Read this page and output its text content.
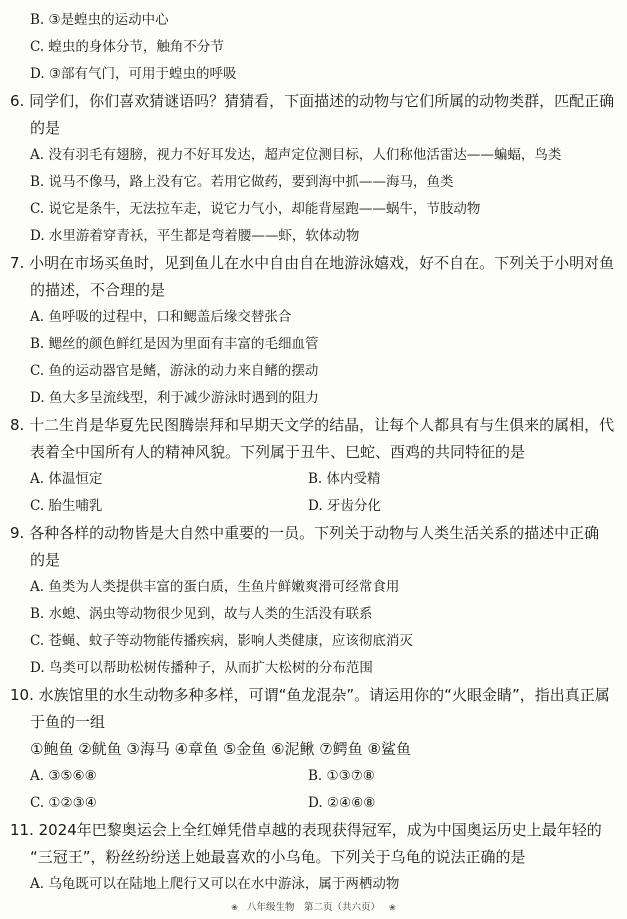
B. ③是蝗虫的运动中心
C. 蝗虫的身体分节，触角不分节
D. ③部有气门，可用于蝗虫的呼吸
6. 同学们，你们喜欢猜谜语吗？猜猜看，下面描述的动物与它们所属的动物类群，匹配正确
的是
A. 没有羽毛有翅膀，视力不好耳发达，超声定位测目标，人们称他活雷达——蝙蝠，鸟类
B. 说马不像马，路上没有它。若用它做药，要到海中抓——海马，鱼类
C. 说它是条牛，无法拉车走，说它力气小，却能背屋跑——蜗牛，节肢动物
D. 水里游着穿青袄，平生都是弯着腰——虾，软体动物
7. 小明在市场买鱼时，见到鱼儿在水中自由自在地游泳嬉戏，好不自在。下列关于小明对鱼
的描述，不合理的是
A. 鱼呼吸的过程中，口和鳃盖后缘交替张合
B. 鳃丝的颜色鲜红是因为里面有丰富的毛细血管
C. 鱼的运动器官是鳍，游泳的动力来自鳍的摆动
D. 鱼大多呈流线型，利于减少游泳时遇到的阻力
8. 十二生肖是华夏先民图腾崇拜和早期天文学的结晶，让每个人都具有与生俱来的属相，代
表着全中国所有人的精神风貌。下列属于丑牛、巳蛇、酉鸡的共同特征的是
A. 体温恒定	B. 体内受精
C. 胎生哺乳	D. 牙齿分化
9. 各种各样的动物皆是大自然中重要的一员。下列关于动物与人类生活关系的描述中正确
的是
A. 鱼类为人类提供丰富的蛋白质，生鱼片鲜嫩爽滑可经常食用
B. 水螅、涡虫等动物很少见到，故与人类的生活没有联系
C. 苍蝇、蚊子等动物能传播疾病，影响人类健康，应该彻底消灭
D. 鸟类可以帮助松树传播种子，从而扩大松树的分布范围
10. 水族馆里的水生动物多种多样，可谓“鱼龙混杂”。请运用你的“火眼金睛”，指出真正属
于鱼的一组
①鲍鱼 ②鱿鱼 ③海马 ④章鱼 ⑤金鱼 ⑥泥鳅 ⑦鳄鱼 ⑧鲨鱼
A. ③⑤⑥⑧	B. ①③⑦⑧
C. ①②③④	D. ②④⑥⑧
11. 2024年巴黎奥运会上全红婵凭借卓越的表现获得冠军，成为中国奥运历史上最年轻的
“三冠王”，粉丝纷纷送上她最喜欢的小乌龟。下列关于乌龟的说法正确的是
A. 乌龟既可以在陆地上爬行又可以在水中游泳，属于两栖动物
❀ 八年级生物　第二页（共六页） ❀
